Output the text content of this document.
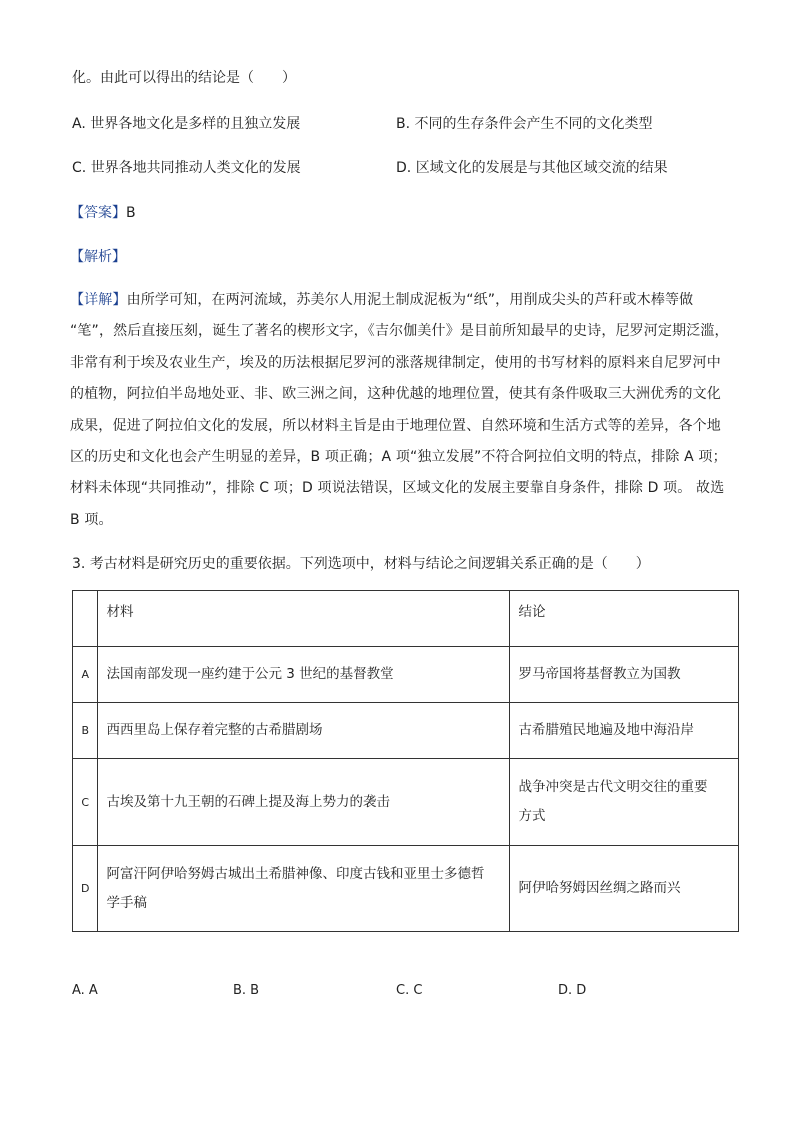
化。由此可以得出的结论是（　　）
A. 世界各地文化是多样的且独立发展	B. 不同的生存条件会产生不同的文化类型
C. 世界各地共同推动人类文化的发展	D. 区域文化的发展是与其他区域交流的结果
【答案】B
【解析】
【详解】由所学可知，在两河流域，苏美尔人用泥土制成泥板为“纸”，用削成尖头的芦秆或木棒等做
“笔”，然后直接压刻，诞生了著名的楔形文字，《吉尔伽美什》是目前所知最早的史诗，尼罗河定期泛滥，
非常有利于埃及农业生产，埃及的历法根据尼罗河的涨落规律制定，使用的书写材料的原料来自尼罗河中
的植物，阿拉伯半岛地处亚、非、欧三洲之间，这种优越的地理位置，使其有条件吸取三大洲优秀的文化
成果，促进了阿拉伯文化的发展，所以材料主旨是由于地理位置、自然环境和生活方式等的差异，各个地
区的历史和文化也会产生明显的差异，B 项正确；A 项“独立发展”不符合阿拉伯文明的特点，排除 A 项；
材料未体现“共同推动”，排除 C 项；D 项说法错误，区域文化的发展主要靠自身条件，排除 D 项。 故选
B 项。
3. 考古材料是研究历史的重要依据。下列选项中，材料与结论之间逻辑关系正确的是（　　）
	材料	结论
A	法国南部发现一座约建于公元 3 世纪的基督教堂	罗马帝国将基督教立为国教
B	西西里岛上保存着完整的古希腊剧场	古希腊殖民地遍及地中海沿岸
C	古埃及第十九王朝的石碑上提及海上势力的袭击	战争冲突是古代文明交往的重要
方式

D	阿富汗阿伊哈努姆古城出土希腊神像、印度古钱和亚里士多德哲
学手稿	阿伊哈努姆因丝绸之路而兴
A. A	B. B	C. C	D. D
